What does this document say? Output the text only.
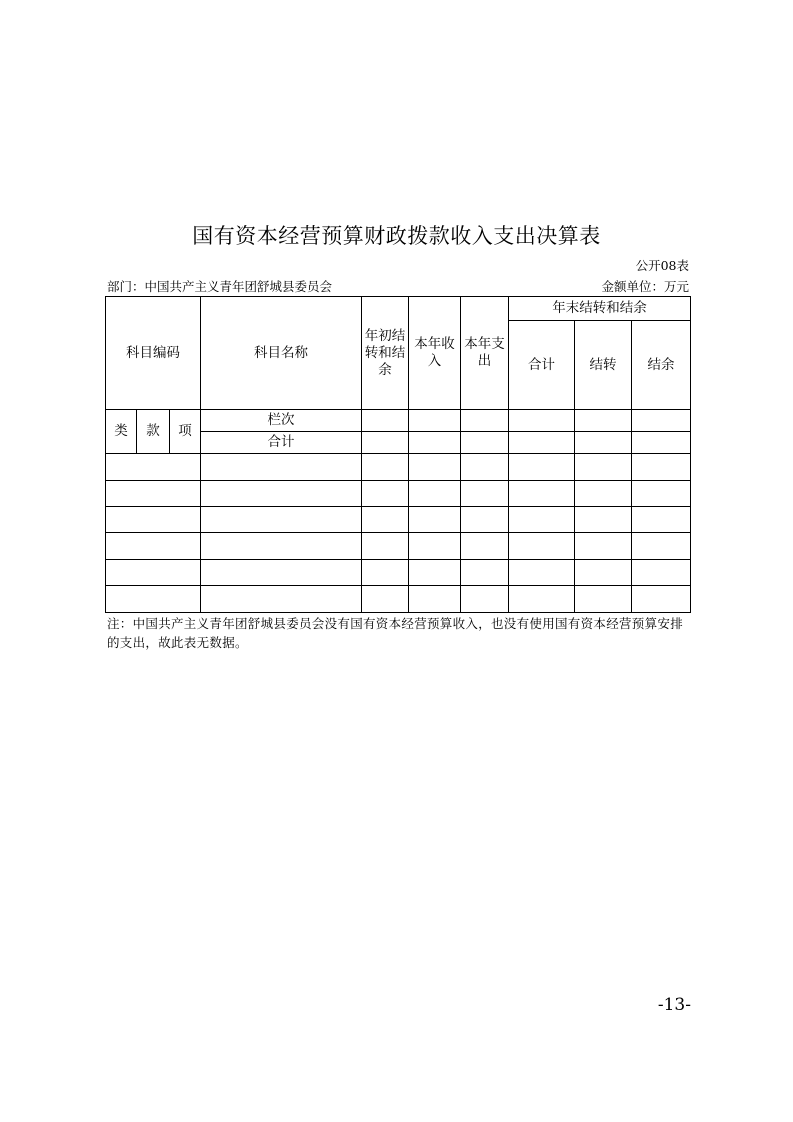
国有资本经营预算财政拨款收入支出决算表
公开08表
部门：中国共产主义青年团舒城县委员会	金额单位：万元
科目编码			科目名称	年初结转和结余	本年收入	本年支出	年末结转和结余		
							合计	结转	结余
类	款	项	栏次						
			合计						

注：中国共产主义青年团舒城县委员会没有国有资本经营预算收入，也没有使用国有资本经营预算安排的支出，故此表无数据。
-13-
